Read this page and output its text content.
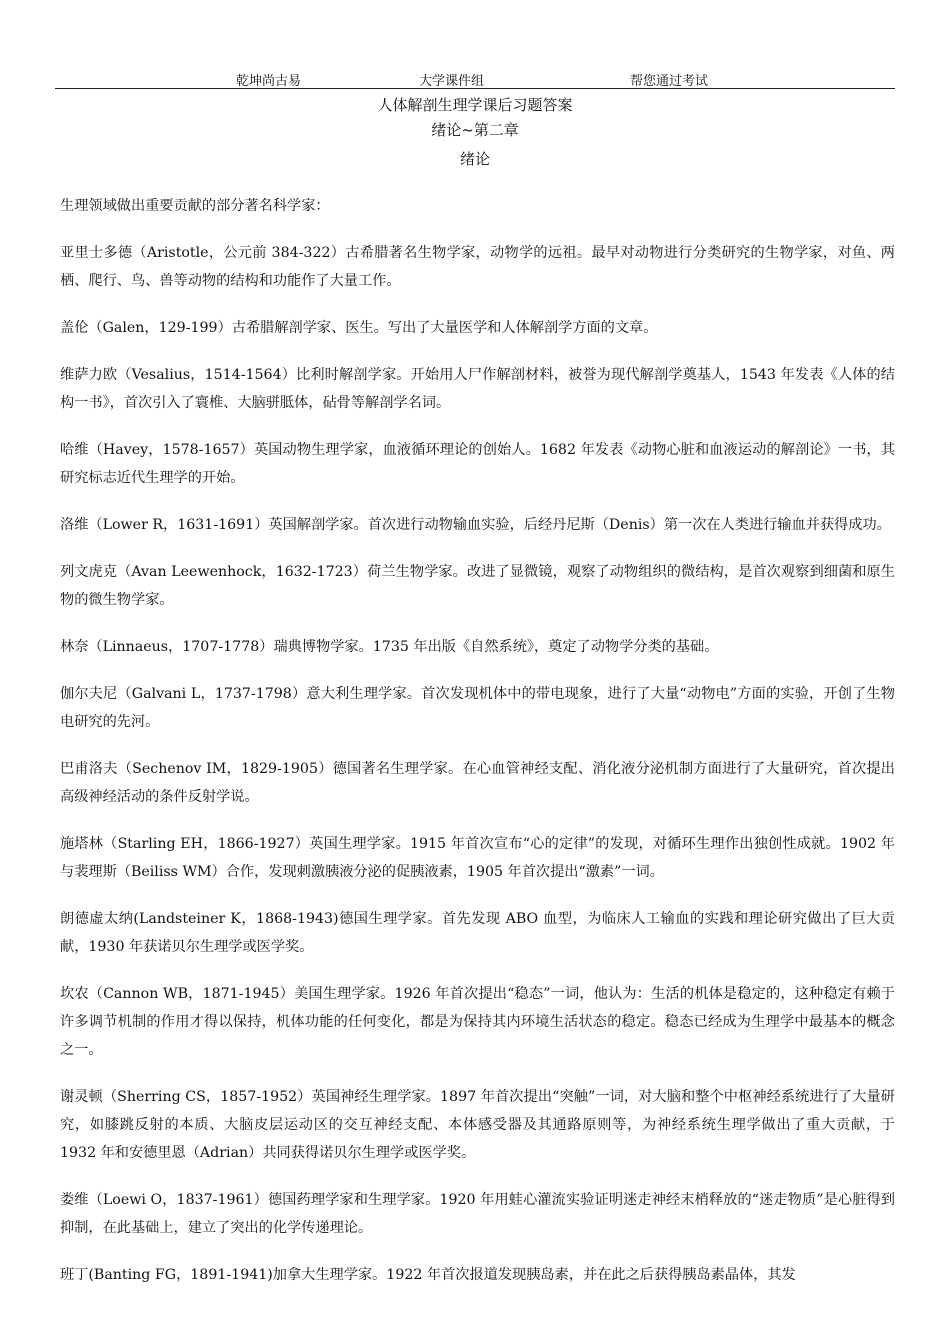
乾坤尚古易	大学课件组	帮您通过考试
人体解剖生理学课后习题答案
绪论~第二章
绪论

生理领域做出重要贡献的部分著名科学家：

亚里士多德（Aristotle，公元前 384-322）古希腊著名生物学家，动物学的远祖。最早对动物进行分类研究的生物学家，对鱼、两栖、爬行、鸟、兽等动物的结构和功能作了大量工作。

盖伦（Galen，129-199）古希腊解剖学家、医生。写出了大量医学和人体解剖学方面的文章。

维萨力欧（Vesalius，1514-1564）比利时解剖学家。开始用人尸作解剖材料，被誉为现代解剖学奠基人，1543 年发表《人体的结构一书》，首次引入了寰椎、大脑骈胝体，砧骨等解剖学名词。

哈维（Havey，1578-1657）英国动物生理学家，血液循环理论的创始人。1682 年发表《动物心脏和血液运动的解剖论》一书，其研究标志近代生理学的开始。

洛维（Lower R，1631-1691）英国解剖学家。首次进行动物输血实验，后经丹尼斯（Denis）第一次在人类进行输血并获得成功。

列文虎克（Avan Leewenhock，1632-1723）荷兰生物学家。改进了显微镜，观察了动物组织的微结构，是首次观察到细菌和原生物的微生物学家。

林奈（Linnaeus，1707-1778）瑞典博物学家。1735 年出版《自然系统》，奠定了动物学分类的基础。

伽尔夫尼（Galvani L，1737-1798）意大利生理学家。首次发现机体中的带电现象，进行了大量“动物电”方面的实验，开创了生物电研究的先河。

巴甫洛夫（Sechenov IM，1829-1905）德国著名生理学家。在心血管神经支配、消化液分泌机制方面进行了大量研究，首次提出高级神经活动的条件反射学说。

施塔林（Starling EH，1866-1927）英国生理学家。1915 年首次宣布“心的定律”的发现，对循环生理作出独创性成就。1902 年与裴理斯（Beiliss WM）合作，发现刺激胰液分泌的促胰液素，1905 年首次提出“激素”一词。

朗德虛太纳(Landsteiner K，1868-1943)德国生理学家。首先发现 ABO 血型，为临床人工输血的实践和理论研究做出了巨大贡献，1930 年获诺贝尔生理学或医学奖。

坎农（Cannon WB，1871-1945）美国生理学家。1926 年首次提出“稳态”一词，他认为：生活的机体是稳定的，这种稳定有赖于许多调节机制的作用才得以保持，机体功能的任何变化，都是为保持其内环境生活状态的稳定。稳态已经成为生理学中最基本的概念之一。

谢灵顿（Sherring CS，1857-1952）英国神经生理学家。1897 年首次提出“突触”一词，对大脑和整个中枢神经系统进行了大量研究，如膝跳反射的本质、大脑皮层运动区的交互神经支配、本体感受器及其通路原则等，为神经系统生理学做出了重大贡献，于 1932 年和安德里恩（Adrian）共同获得诺贝尔生理学或医学奖。

娄维（Loewi O，1837-1961）德国药理学家和生理学家。1920 年用蛙心灌流实验证明迷走神经末梢释放的“迷走物质”是心脏得到抑制，在此基础上，建立了突出的化学传递理论。

班丁(Banting FG，1891-1941)加拿大生理学家。1922 年首次报道发现胰岛素，并在此之后获得胰岛素晶体，其发
